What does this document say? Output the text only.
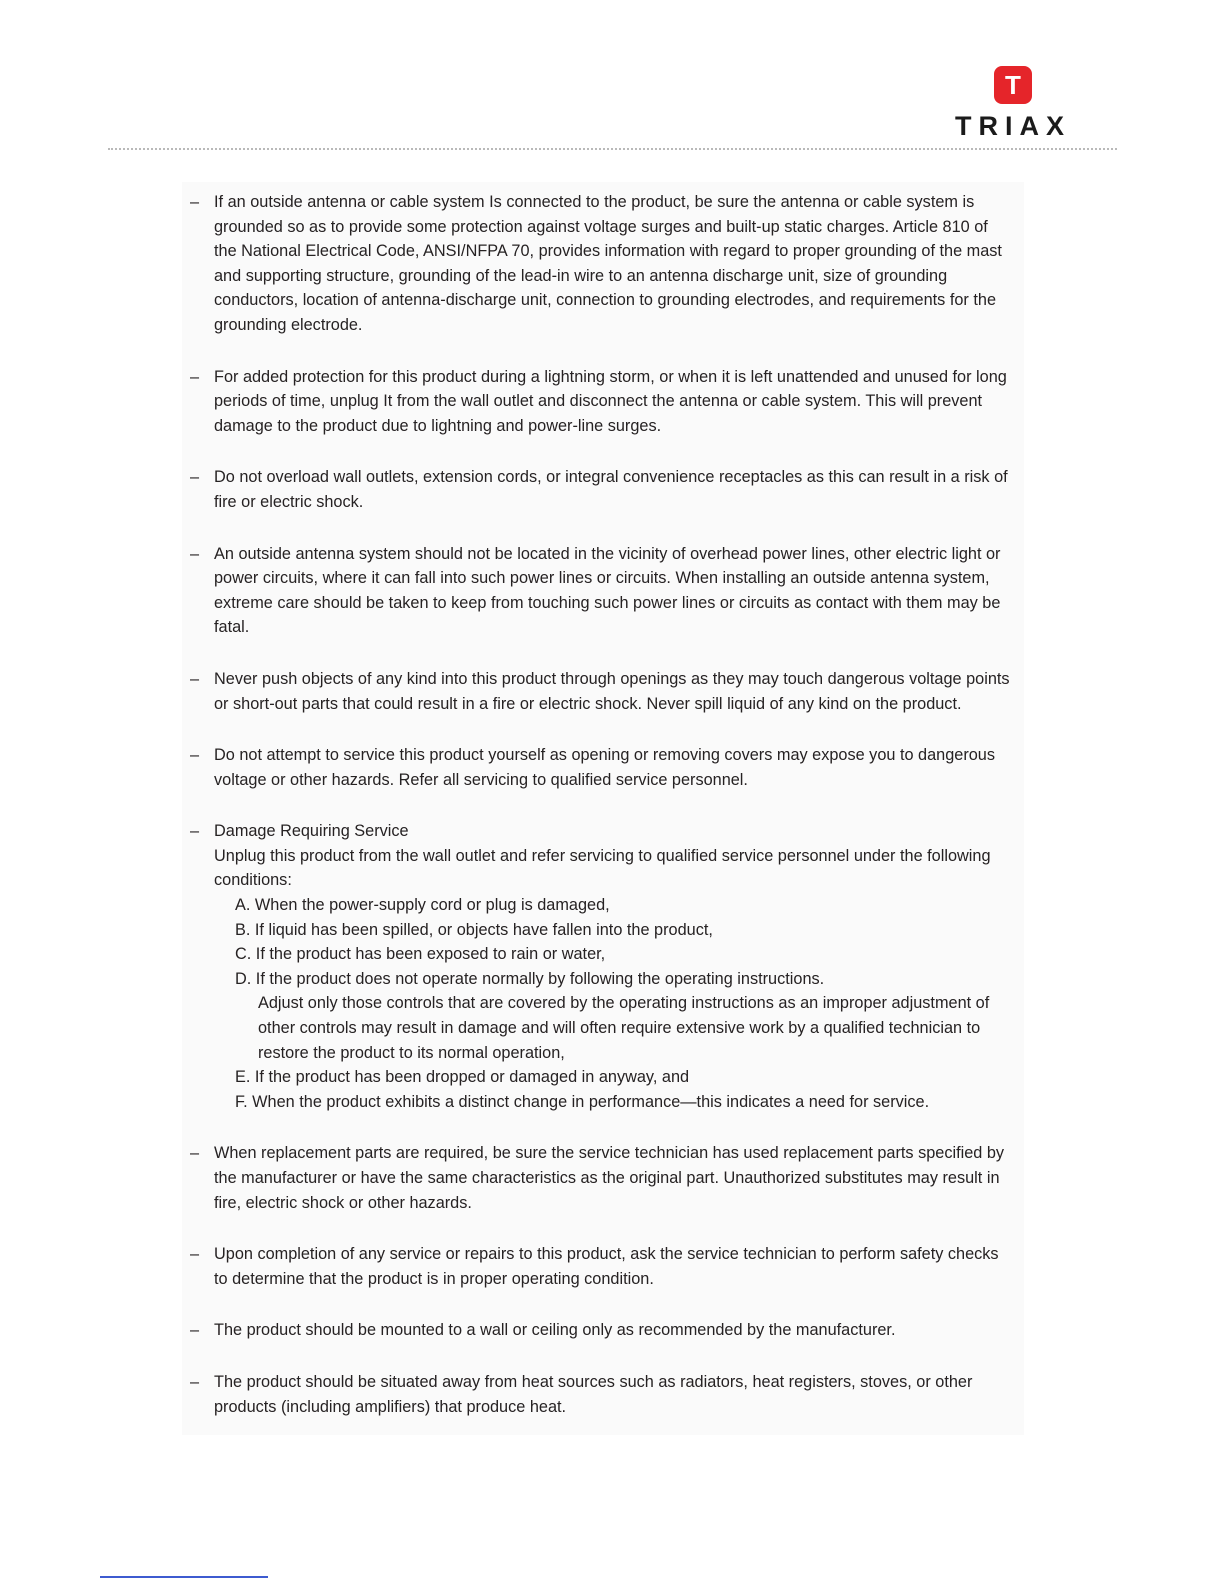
T
TRIAX

– If an outside antenna or cable system Is connected to the product, be sure the antenna or cable system is grounded so as to provide some protection against voltage surges and built-up static charges. Article 810 of the National Electrical Code, ANSI/NFPA 70, provides information with regard to proper grounding of the mast and supporting structure, grounding of the lead-in wire to an antenna discharge unit, size of grounding conductors, location of antenna-discharge unit, connection to grounding electrodes, and requirements for the grounding electrode.

– For added protection for this product during a lightning storm, or when it is left unattended and unused for long periods of time, unplug It from the wall outlet and disconnect the antenna or cable system. This will prevent damage to the product due to lightning and power-line surges.

– Do not overload wall outlets, extension cords, or integral convenience receptacles as this can result in a risk of fire or electric shock.

– An outside antenna system should not be located in the vicinity of overhead power lines, other electric light or power circuits, where it can fall into such power lines or circuits. When installing an outside antenna system, extreme care should be taken to keep from touching such power lines or circuits as contact with them may be fatal.

– Never push objects of any kind into this product through openings as they may touch dangerous voltage points or short-out parts that could result in a fire or electric shock. Never spill liquid of any kind on the product.

– Do not attempt to service this product yourself as opening or removing covers may expose you to dangerous voltage or other hazards. Refer all servicing to qualified service personnel.

– Damage Requiring Service
Unplug this product from the wall outlet and refer servicing to qualified service personnel under the following conditions:
A. When the power-supply cord or plug is damaged,
B. If liquid has been spilled, or objects have fallen into the product,
C. If the product has been exposed to rain or water,
D. If the product does not operate normally by following the operating instructions.
Adjust only those controls that are covered by the operating instructions as an improper adjustment of other controls may result in damage and will often require extensive work by a qualified technician to restore the product to its normal operation,
E. If the product has been dropped or damaged in anyway, and
F. When the product exhibits a distinct change in performance—this indicates a need for service.

– When replacement parts are required, be sure the service technician has used replacement parts specified by the manufacturer or have the same characteristics as the original part. Unauthorized substitutes may result in fire, electric shock or other hazards.

– Upon completion of any service or repairs to this product, ask the service technician to perform safety checks to determine that the product is in proper operating condition.

– The product should be mounted to a wall or ceiling only as recommended by the manufacturer.

– The product should be situated away from heat sources such as radiators, heat registers, stoves, or other products (including amplifiers) that produce heat.
